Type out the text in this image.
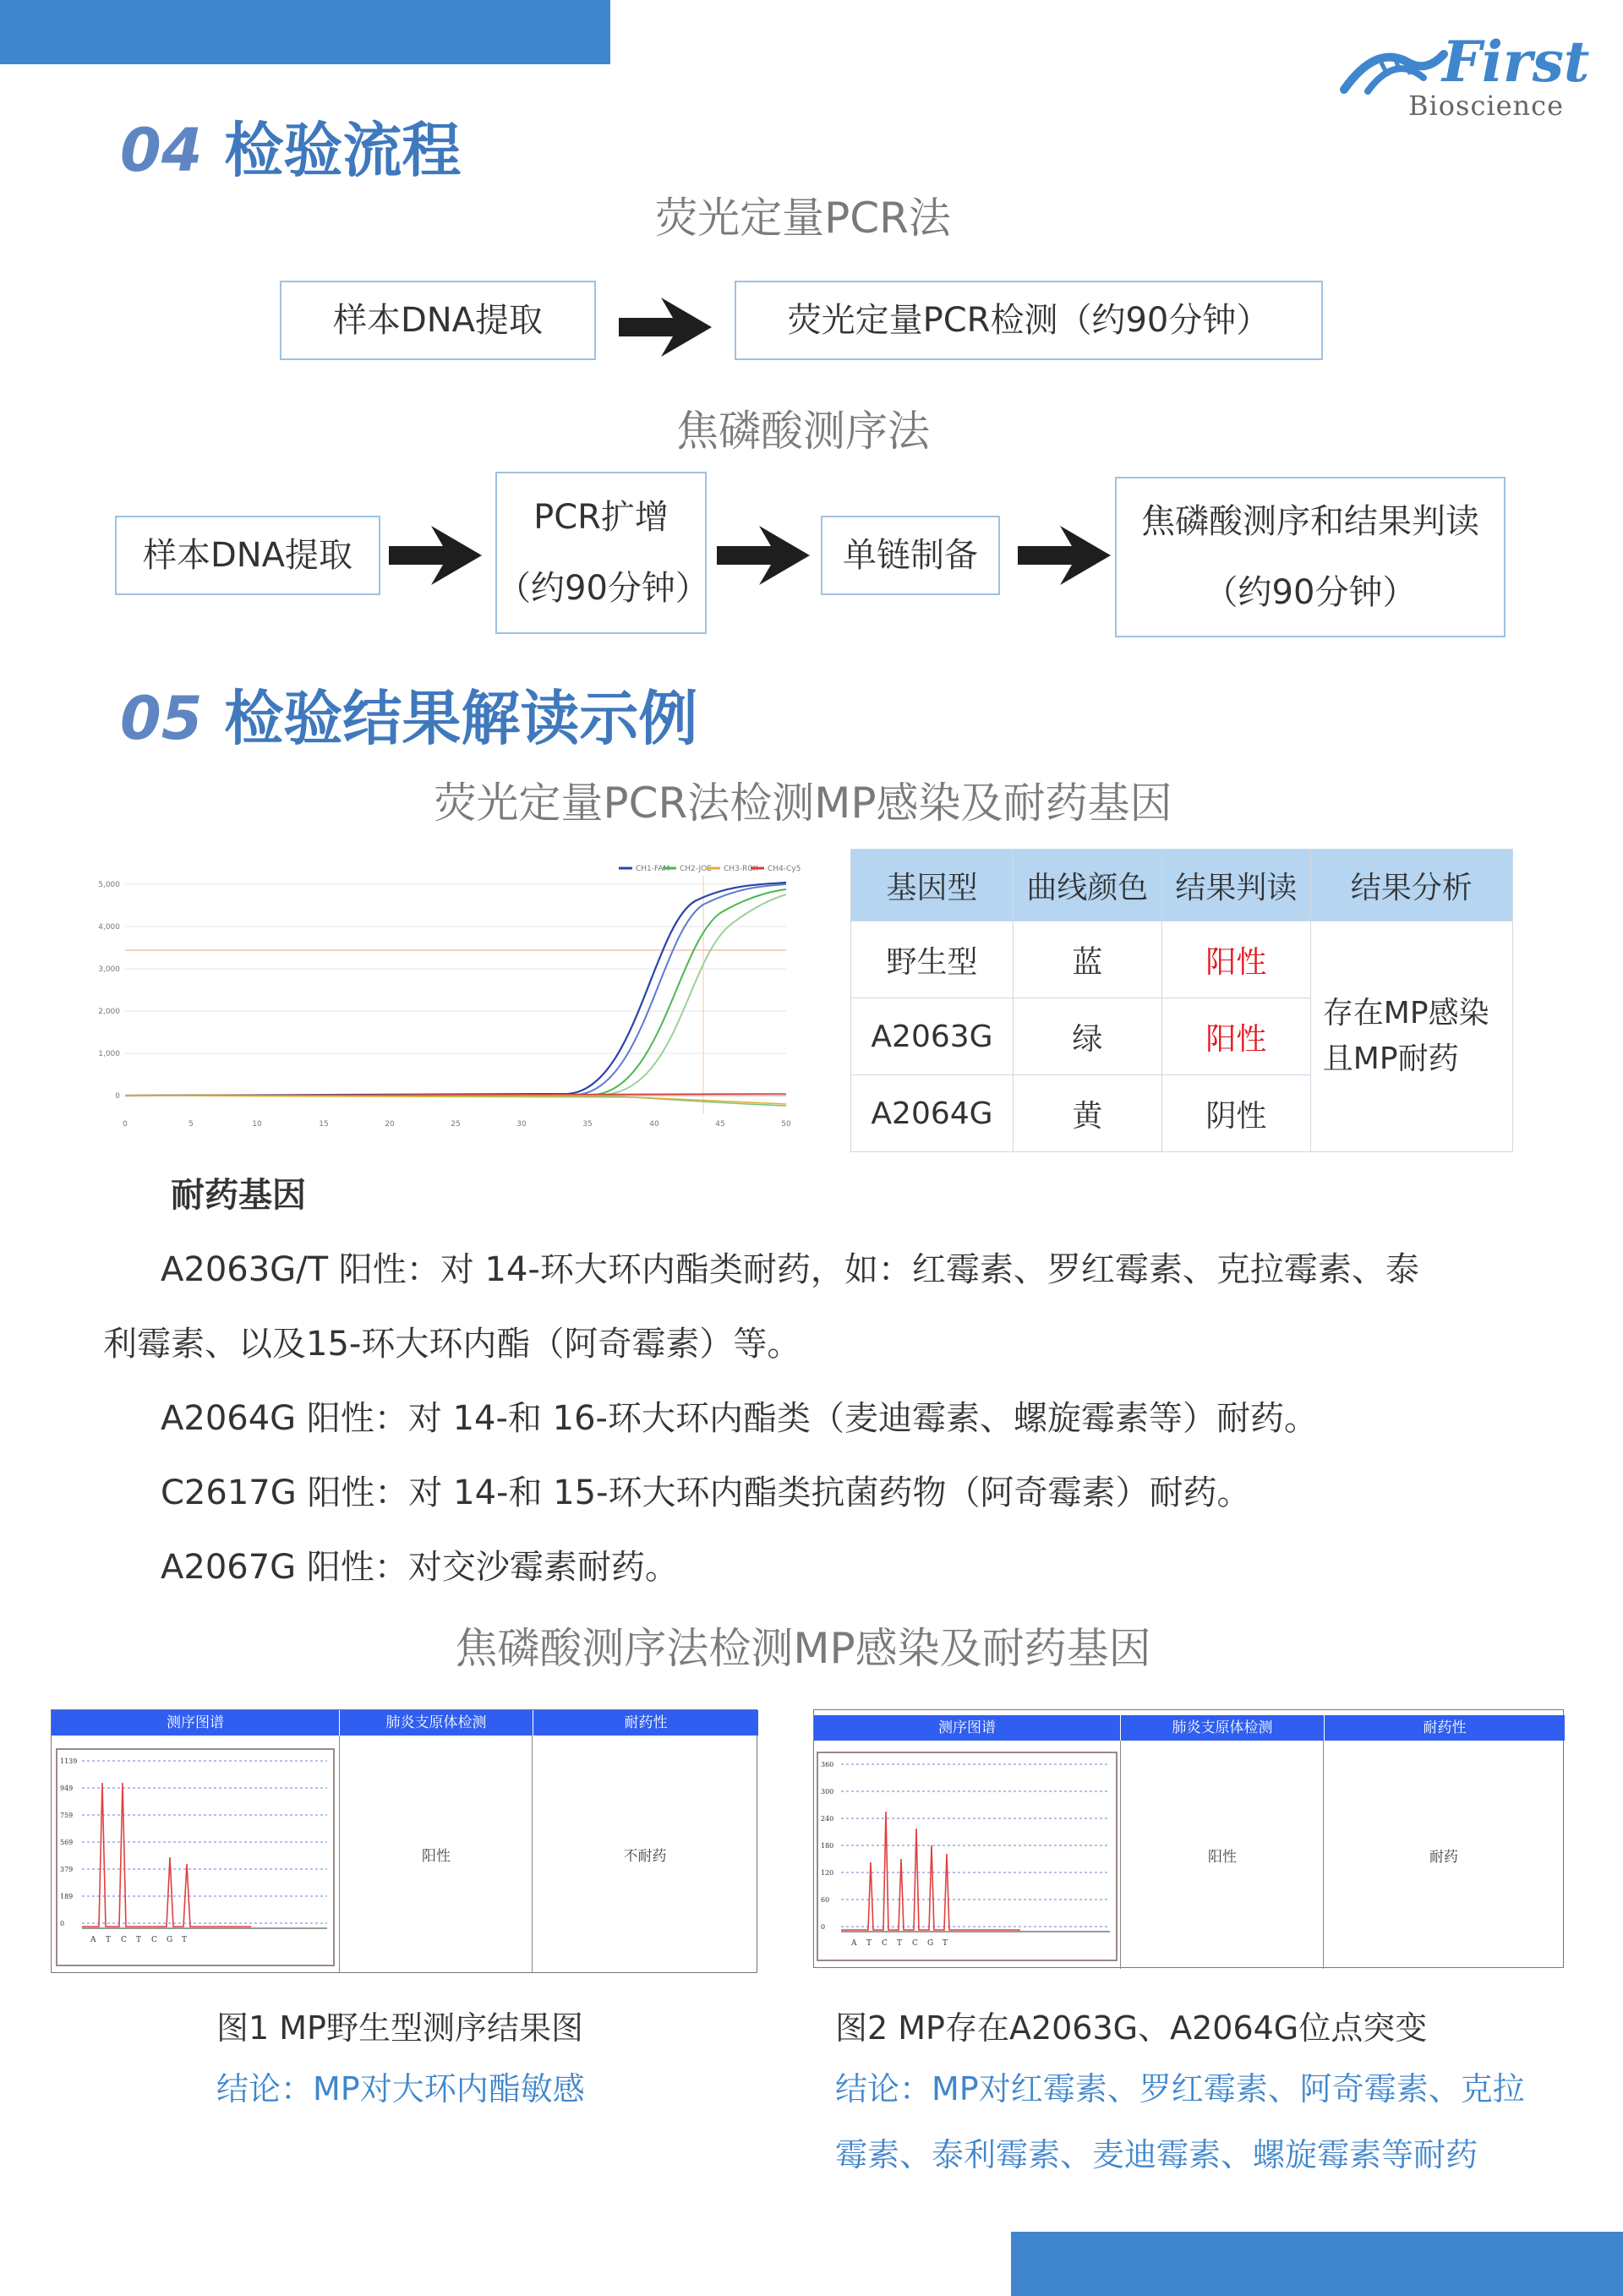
First
Bioscience
04 检验流程
荧光定量PCR法
样本DNA提取	荧光定量PCR检测（约90分钟）
焦磷酸测序法
样本DNA提取
PCR扩增
（约90分钟）
单链制备
焦磷酸测序和结果判读
（约90分钟）
05 检验结果解读示例
荧光定量PCR法检测MP感染及耐药基因
CH1-FAM CH2-JOE CH3-ROX CH4-Cy5
5,000
4,000
3,000
2,000
1,000
0
0	5	10	15	20	25	30	35	40	45	50
基因型	曲线颜色	结果判读	结果分析
野生型	蓝	阳性	存在MP感染
且MP耐药

A2063G	绿	阳性	
A2064G	黄	阴性	
耐药基因
A2063G/T 阳性：对 14-环大环内酯类耐药，如：红霉素、罗红霉素、克拉霉素、泰
利霉素、以及15-环大环内酯（阿奇霉素）等。
A2064G 阳性：对 14-和 16-环大环内酯类（麦迪霉素、螺旋霉素等）耐药。
C2617G 阳性：对 14-和 15-环大环内酯类抗菌药物（阿奇霉素）耐药。
A2067G 阳性：对交沙霉素耐药。
焦磷酸测序法检测MP感染及耐药基因
测序图谱	肺炎支原体检测	耐药性
1139
949
759
569
379
189
0
A T C T C G T
阳性	不耐药
测序图谱	肺炎支原体检测	耐药性
360
300
240
180
120
60
0
A T C T C G T
阳性	耐药
图1 MP野生型测序结果图
结论：MP对大环内酯敏感
图2 MP存在A2063G、A2064G位点突变
结论：MP对红霉素、罗红霉素、阿奇霉素、克拉
霉素、泰利霉素、麦迪霉素、螺旋霉素等耐药
